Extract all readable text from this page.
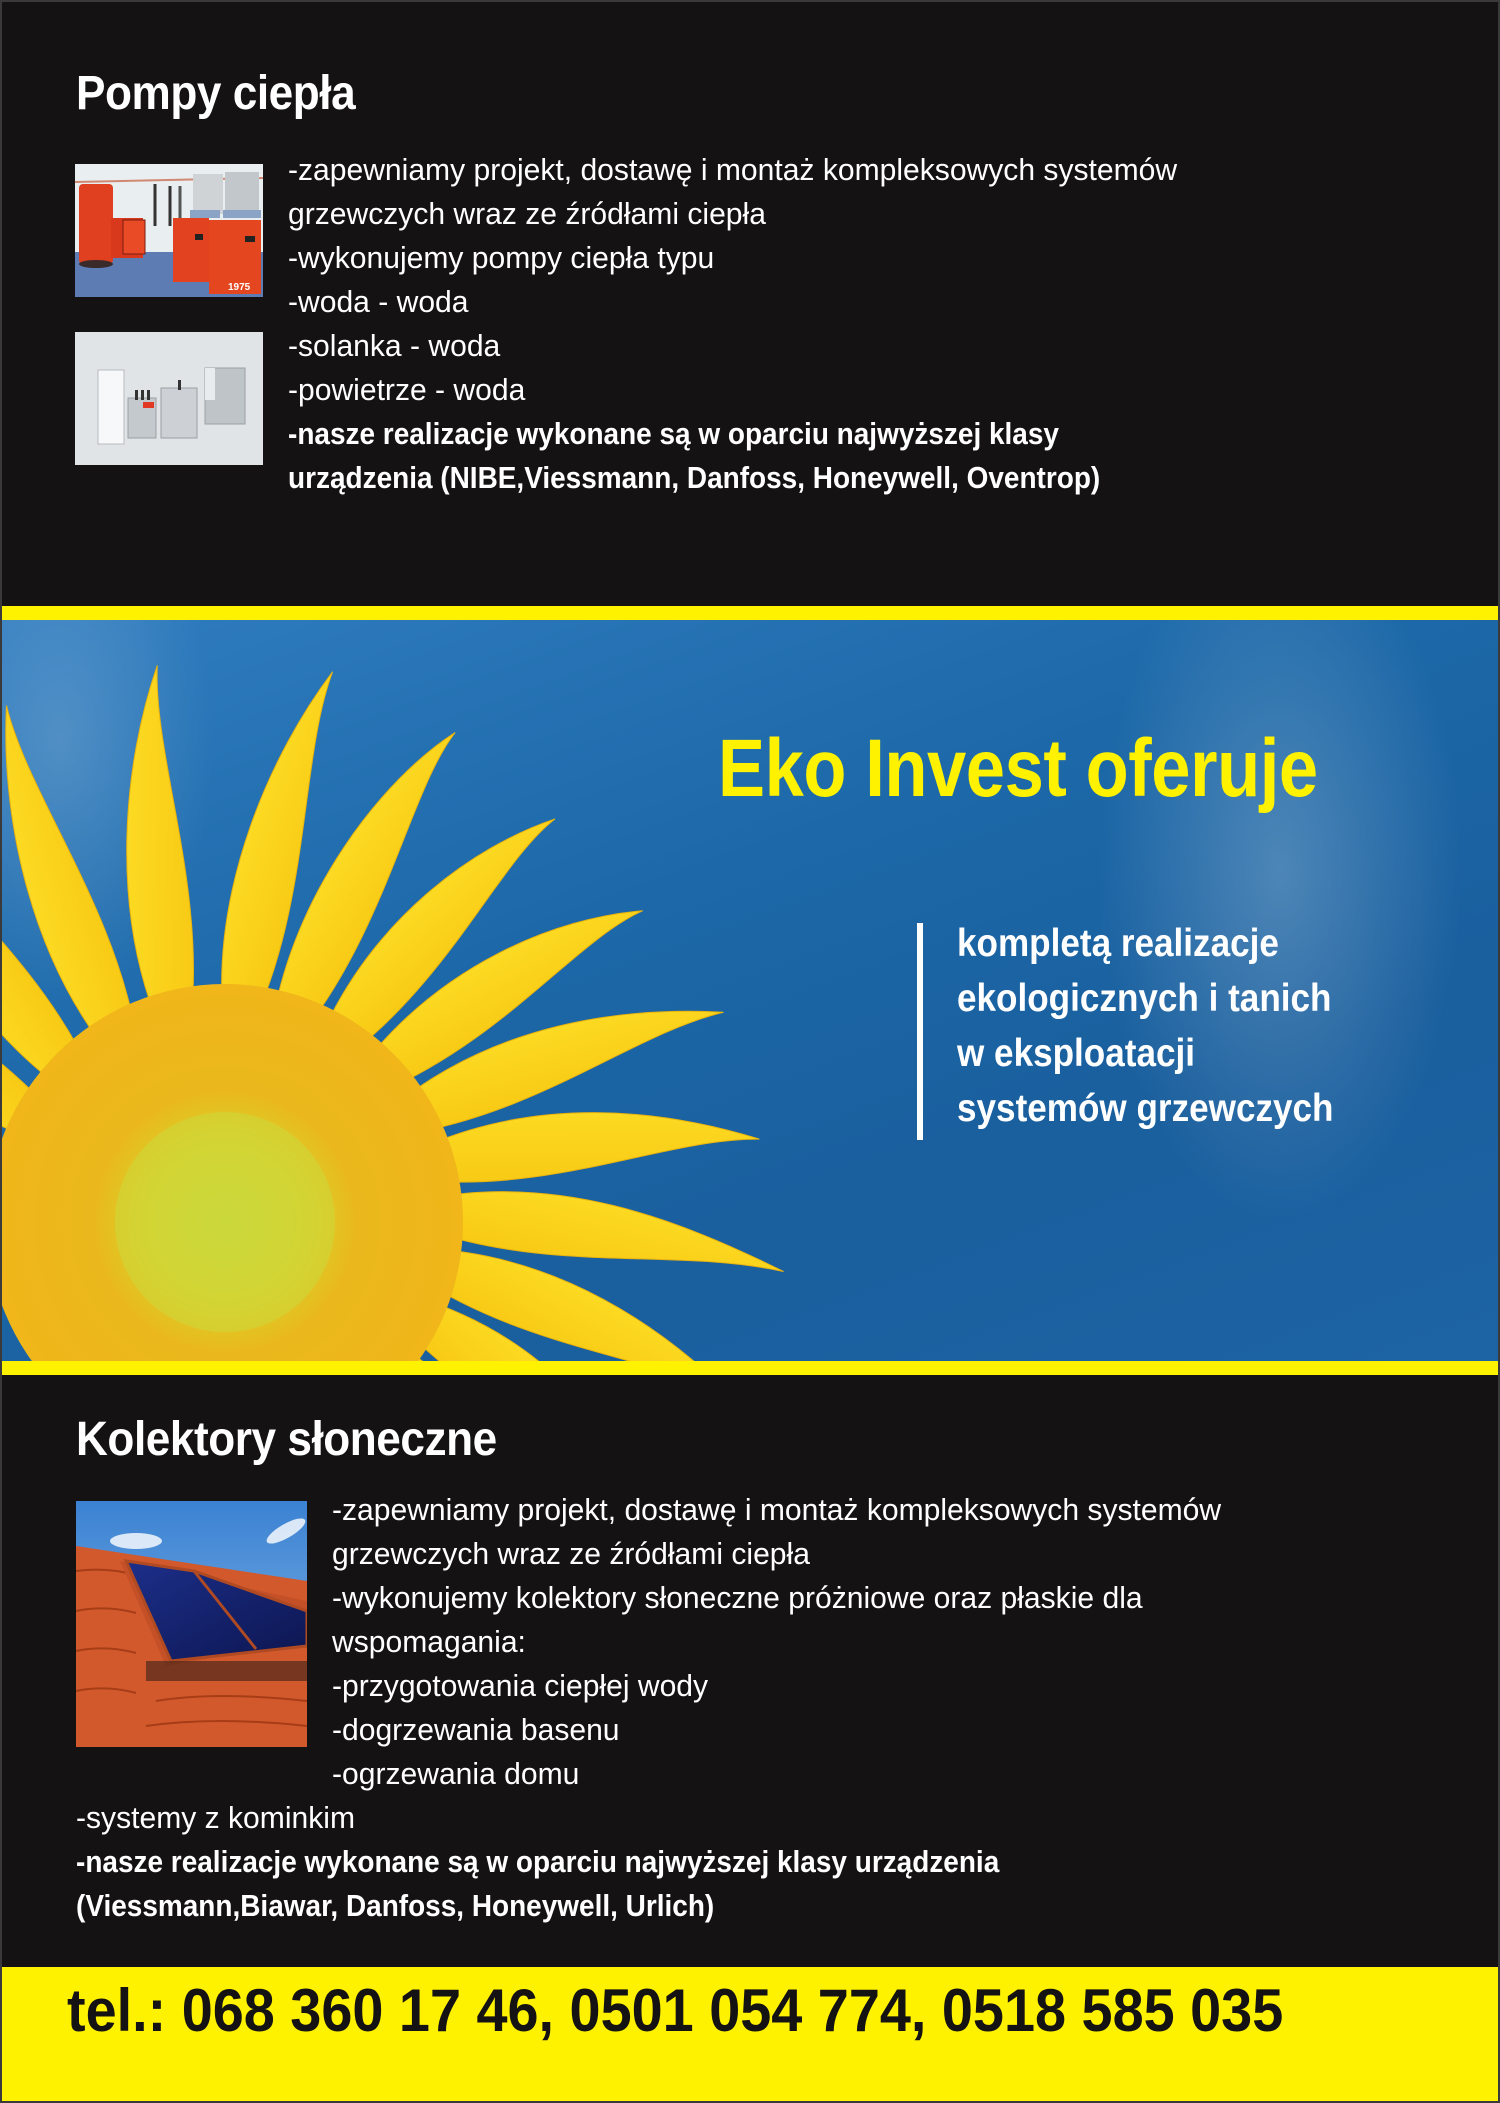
Pompy ciepła
1975
-zapewniamy projekt, dostawę i montaż kompleksowych systemów
grzewczych wraz ze źródłami ciepła
-wykonujemy pompy ciepła typu
-woda - woda
-solanka - woda
-powietrze - woda
-nasze realizacje wykonane są w oparciu najwyższej klasy
urządzenia (NIBE,Viessmann, Danfoss, Honeywell, Oventrop)
Eko Invest oferuje
kompletą realizacje
ekologicznych i tanich
w eksploatacji
systemów grzewczych
Kolektory słoneczne
-zapewniamy projekt, dostawę i montaż kompleksowych systemów
grzewczych wraz ze źródłami ciepła
-wykonujemy kolektory słoneczne próżniowe oraz płaskie dla
wspomagania:
-przygotowania ciepłej wody
-dogrzewania basenu
-ogrzewania domu
-systemy z kominkim
-nasze realizacje wykonane są w oparciu najwyższej klasy urządzenia
(Viessmann,Biawar, Danfoss, Honeywell, Urlich)

tel.: 068 360 17 46, 0501 054 774, 0518 585 035
